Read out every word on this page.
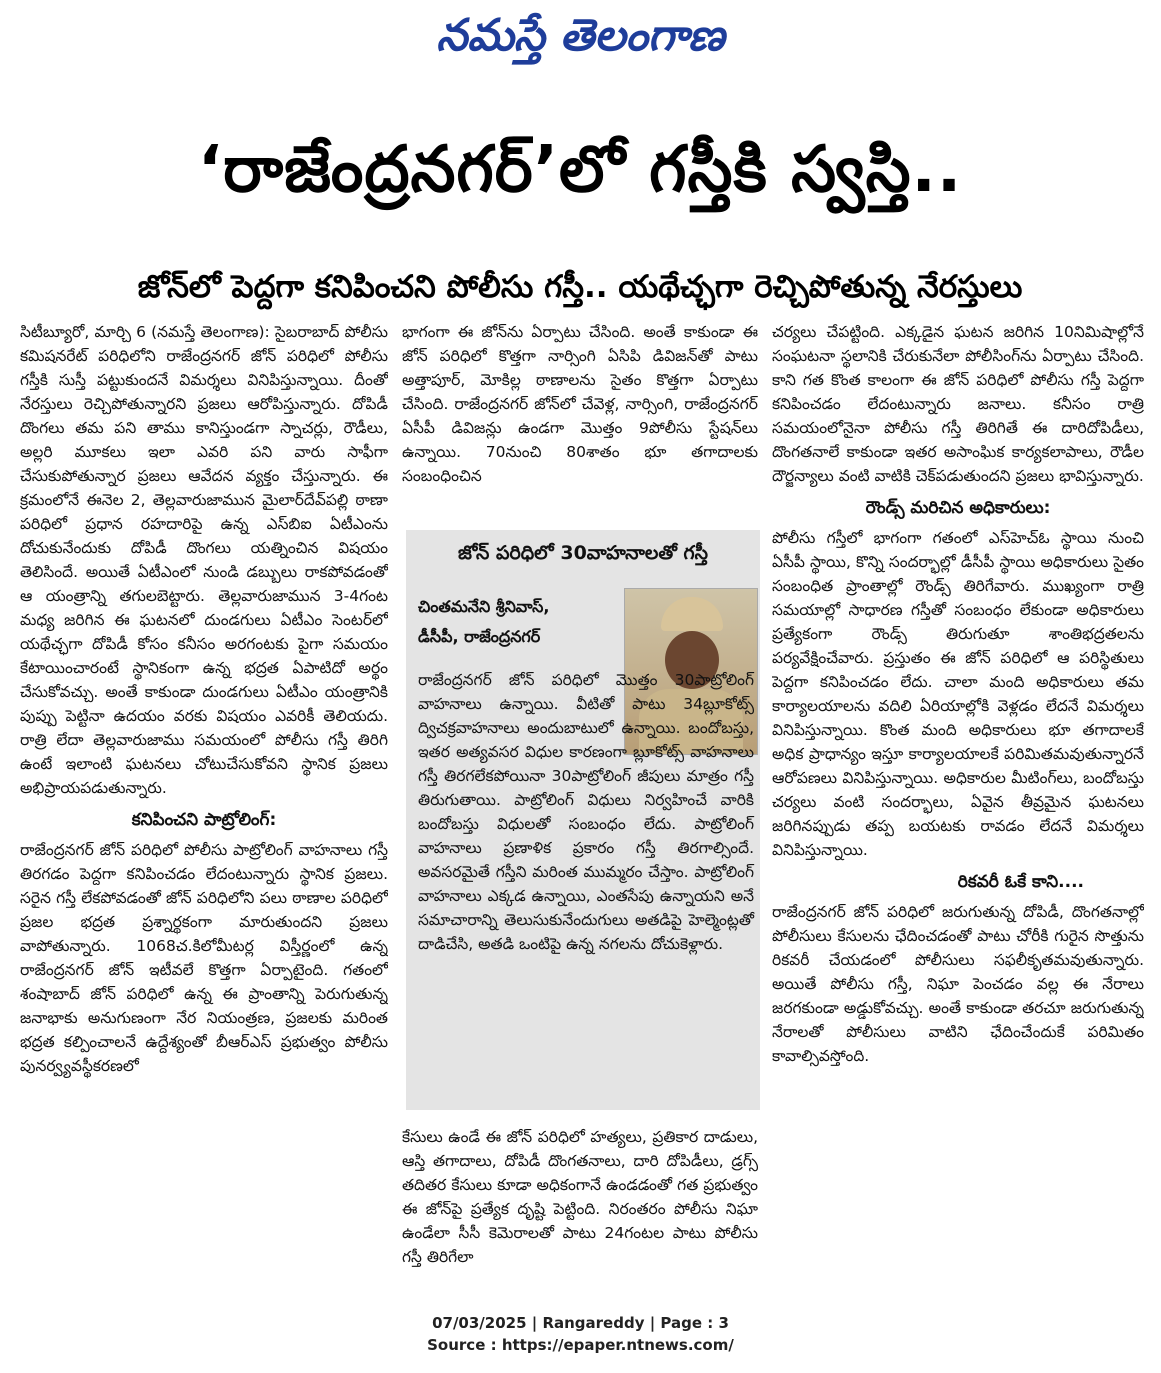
నమస్తే తెలంగాణ
‘రాజేంద్రనగర్’లో గస్తీకి స్వస్తి..
జోన్‌లో పెద్దగా కనిపించని పోలీసు గస్తీ.. యథేచ్ఛగా రెచ్చిపోతున్న నేరస్తులు

సిటీబ్యూరో, మార్చి 6 (నమస్తే తెలంగాణ): సైబరాబాద్ పోలీసు కమిషనరేట్ పరిధిలోని రాజేంద్రనగర్ జోన్ పరిధిలో పోలీసు గస్తీకి సుస్తీ పట్టుకుందనే విమర్శలు వినిపిస్తున్నాయి. దీంతో నేరస్తులు రెచ్చిపోతున్నారని ప్రజలు ఆరోపిస్తున్నారు. దోపిడీ దొంగలు తమ పని తాము కానిస్తుండగా స్నాచర్లు, రౌడీలు, అల్లరి మూకలు ఇలా ఎవరి పని వారు సాఫీగా చేసుకుపోతున్నార ప్రజలు ఆవేదన వ్యక్తం చేస్తున్నారు. ఈ క్రమంలోనే ఈనెల 2, తెల్లవారుజామున మైలార్‌దేవ్‌పల్లి ఠాణా పరిధిలో ప్రధాన రహదారిపై ఉన్న ఎస్‌బిఐ ఏటీఎంను దోచుకునేందుకు దోపిడీ దొంగలు యత్నించిన విషయం తెలిసిందే. అయితే ఏటీఎంలో నుండి డబ్బులు రాకపోవడంతో ఆ యంత్రాన్ని తగులబెట్టారు. తెల్లవారుజామున 3-4గంట మధ్య జరిగిన ఈ ఘటనలో దుండగులు ఏటీఎం సెంటర్‌లో యథేచ్ఛగా దోపిడీ కోసం కనీసం అరగంటకు పైగా సమయం కేటాయించారంటే స్థానికంగా ఉన్న భద్రత ఏపాటిదో అర్థం చేసుకోవచ్చు. అంతే కాకుండా దుండగులు ఏటీఎం యంత్రానికి పుప్పు పెట్టినా ఉదయం వరకు విషయం ఎవరికీ తెలియదు. రాత్రి లేదా తెల్లవారుజాము సమయంలో పోలీసు గస్తీ తిరిగి ఉంటే ఇలాంటి ఘటనలు చోటుచేసుకోవని స్థానిక ప్రజలు అభిప్రాయపడుతున్నారు.

కనిపించని పాట్రోలింగ్:

రాజేంద్రనగర్ జోన్ పరిధిలో పోలీసు పాట్రోలింగ్ వాహనాలు గస్తీ తిరగడం పెద్దగా కనిపించడం లేదంటున్నారు స్థానిక ప్రజలు. సరైన గస్తీ లేకపోవడంతో జోన్ పరిధిలోని పలు ఠాణాల పరిధిలో ప్రజల భద్రత ప్రశ్నార్థకంగా మారుతుందని ప్రజలు వాపోతున్నారు. 1068చ.కిలోమీటర్ల విస్తీర్ణంలో ఉన్న రాజేంద్రనగర్ జోన్ ఇటీవలే కొత్తగా ఏర్పాటైంది. గతంలో శంషాబాద్ జోన్ పరిధిలో ఉన్న ఈ ప్రాంతాన్ని పెరుగుతున్న జనాభాకు అనుగుణంగా నేర నియంత్రణ, ప్రజలకు మరింత భద్రత కల్పించాలనే ఉద్దేశ్యంతో బీఆర్‌ఎస్ ప్రభుత్వం పోలీసు పునర్వ్యవస్థీకరణలో

భాగంగా ఈ జోన్‌ను ఏర్పాటు చేసింది. అంతే కాకుండా ఈ జోన్ పరిధిలో కొత్తగా నార్సింగి ఏసిపి డివిజన్‌తో పాటు అత్తాపూర్, మోకిల్ల ఠాణాలను సైతం కొత్తగా ఏర్పాటు చేసింది. రాజేంద్రనగర్ జోన్‌లో చేవెళ్ల, నార్సింగి, రాజేంద్రనగర్ ఏసీపీ డివిజన్లు ఉండగా మొత్తం 9పోలీసు స్టేషన్‌లు ఉన్నాయి. 70నుంచి 80శాతం భూ తగాదాలకు సంబంధించిన

జోన్ పరిధిలో 30వాహనాలతో గస్తీ
చింతమనేని శ్రీనివాస్,
డీసీపీ, రాజేంద్రనగర్

రాజేంద్రనగర్ జోన్ పరిధిలో మొత్తం 30పాట్రోలింగ్ వాహనాలు ఉన్నాయి. వీటితో పాటు 34బ్లూకోట్స్ ద్విచక్రవాహనాలు అందుబాటులో ఉన్నాయి. బందోబస్తు, ఇతర అత్యవసర విధుల కారణంగా బ్లూకోట్స్ వాహనాలు గస్తీ తిరగలేకపోయినా 30పాట్రోలింగ్ జీపులు మాత్రం గస్తీ తిరుగుతాయి. పాట్రోలింగ్ విధులు నిర్వహించే వారికి బందోబస్తు విధులతో సంబంధం లేదు. పాట్రోలింగ్ వాహనాలు ప్రణాళిక ప్రకారం గస్తీ తిరగాల్సిందే. అవసరమైతే గస్తీని మరింత ముమ్మరం చేస్తాం. పాట్రోలింగ్ వాహనాలు ఎక్కడ ఉన్నాయి, ఎంతసేపు ఉన్నాయని అనే సమాచారాన్ని తెలుసుకునేందుగులు అతడిపై హెల్మెంట్లతో దాడిచేసి, అతడి ఒంటిపై ఉన్న నగలను దోచుకెళ్లారు.

కేసులు ఉండే ఈ జోన్ పరిధిలో హత్యలు, ప్రతికార దాడులు, ఆస్తి తగాదాలు, దోపిడీ దొంగతనాలు, దారి దోపిడీలు, డ్రగ్స్ తదితర కేసులు కూడా అధికంగానే ఉండడంతో గత ప్రభుత్వం ఈ జోన్‌పై ప్రత్యేక దృష్టి పెట్టింది. నిరంతరం పోలీసు నిఘా ఉండేలా సీసీ కెమెరాలతో పాటు 24గంటల పాటు పోలీసు గస్తీ తిరిగేలా

చర్యలు చేపట్టింది. ఎక్కడైన ఘటన జరిగిన 10నిమిషాల్లోనే సంఘటనా స్థలానికి చేరుకునేలా పోలీసింగ్‌ను ఏర్పాటు చేసింది. కాని గత కొంత కాలంగా ఈ జోన్ పరిధిలో పోలీసు గస్తీ పెద్దగా కనిపించడం లేదంటున్నారు జనాలు. కనీసం రాత్రి సమయంలోనైనా పోలీసు గస్తీ తిరిగితే ఈ దారిదోపిడీలు, దొంగతనాలే కాకుండా ఇతర అసాంఘిక కార్యకలాపాలు, రౌడీల దౌర్జన్యాలు వంటి వాటికి చెక్‌పడుతుందని ప్రజలు భావిస్తున్నారు.

రౌండ్స్ మరిచిన అధికారులు:

పోలీసు గస్తీలో భాగంగా గతంలో ఎస్‌హెచ్‌ఓ స్థాయి నుంచి ఏసీపీ స్థాయి, కొన్ని సందర్భాల్లో డీసీపీ స్థాయి అధికారులు సైతం సంబంధిత ప్రాంతాల్లో రౌండ్స్ తిరిగేవారు. ముఖ్యంగా రాత్రి సమయాల్లో సాధారణ గస్తీతో సంబంధం లేకుండా అధికారులు ప్రత్యేకంగా రౌండ్స్ తిరుగుతూ శాంతిభద్రతలను పర్యవేక్షించేవారు. ప్రస్తుతం ఈ జోన్ పరిధిలో ఆ పరిస్థితులు పెద్దగా కనిపించడం లేదు. చాలా మంది అధికారులు తమ కార్యాలయాలను వదిలి ఏరియాల్లోకి వెళ్లడం లేదనే విమర్శలు వినిపిస్తున్నాయి. కొంత మంది అధికారులు భూ తగాదాలకే అధిక ప్రాధాన్యం ఇస్తూ కార్యాలయాలకే పరిమితమవుతున్నారనే ఆరోపణలు వినిపిస్తున్నాయి. అధికారుల మీటింగ్‌లు, బందోబస్తు చర్యలు వంటి సందర్భాలు, ఏవైన తీవ్రమైన ఘటనలు జరిగినప్పుడు తప్ప బయటకు రావడం లేదనే విమర్శలు వినిపిస్తున్నాయి.

రికవరీ ఓకే కాని....

రాజేంద్రనగర్ జోన్ పరిధిలో జరుగుతున్న దోపిడీ, దొంగతనాల్లో పోలీసులు కేసులను ఛేదించడంతో పాటు చోరీకి గురైన సొత్తును రికవరీ చేయడంలో పోలీసులు సఫలీకృతమవుతున్నారు. అయితే పోలీసు గస్తీ, నిఘా పెంచడం వల్ల ఈ నేరాలు జరగకుండా అడ్డుకోవచ్చు. అంతే కాకుండా తరచూ జరుగుతున్న నేరాలతో పోలీసులు వాటిని ఛేదించేందుకే పరిమితం కావాల్సివస్తోంది.

07/03/2025 | Rangareddy | Page : 3
Source : https://epaper.ntnews.com/
